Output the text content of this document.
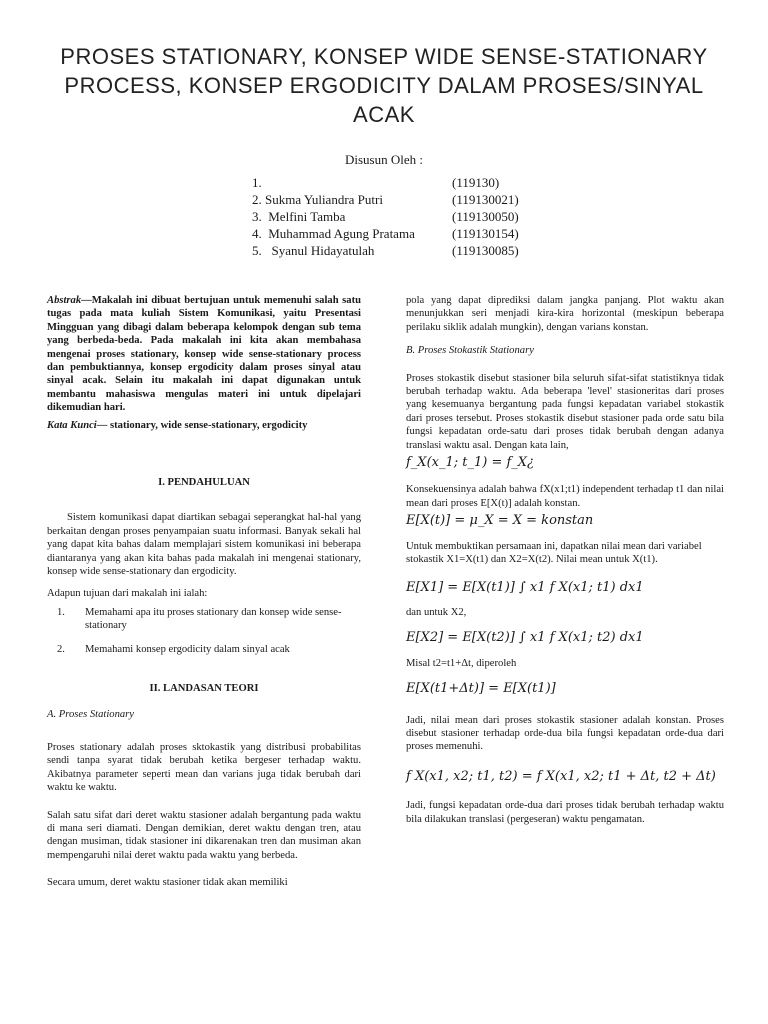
PROSES STATIONARY, KONSEP WIDE SENSE-STATIONARY PROCESS, KONSEP ERGODICITY DALAM PROSES/SINYAL ACAK
Disusun Oleh :
1.	(119130)
2. Sukma Yuliandra Putri	(119130021)
3. Melfini Tamba	(119130050)
4. Muhammad Agung Pratama	(119130154)
5. Syanul Hidayatulah	(119130085)

Abstrak—Makalah ini dibuat bertujuan untuk memenuhi salah satu tugas pada mata kuliah Sistem Komunikasi, yaitu Presentasi Mingguan yang dibagi dalam beberapa kelompok dengan sub tema yang berbeda-beda. Pada makalah ini kita akan membahasa mengenai proses stationary, konsep wide sense-stationary process dan pembuktiannya, konsep ergodicity dalam proses sinyal atau sinyal acak. Selain itu makalah ini dapat digunakan untuk membantu mahasiswa mengulas materi ini untuk dipelajari dikemudian hari.

Kata Kunci— stationary, wide sense-stationary, ergodicity

I. PENDAHULUAN

Sistem komunikasi dapat diartikan sebagai seperangkat hal-hal yang berkaitan dengan proses penyampaian suatu informasi. Banyak sekali hal yang dapat kita bahas dalam memplajari sistem komunikasi ini beberapa diantaranya yang akan kita bahas pada makalah ini mengenai stationary, konsep wide sense-stationary dan ergodicity.

Adapun tujuan dari makalah ini ialah:

1.	Memahami apa itu proses stationary dan konsep wide sense-stationary
2.	Memahami konsep ergodicity dalam sinyal acak

II. LANDASAN TEORI

A. Proses Stationary

Proses stationary adalah proses sktokastik yang distribusi probabilitas sendi tanpa syarat tidak berubah ketika bergeser terhadap waktu. Akibatnya parameter seperti mean dan varians juga tidak berubah dari waktu ke waktu.

Salah satu sifat dari deret waktu stasioner adalah bergantung pada waktu di mana seri diamati. Dengan demikian, deret waktu dengan tren, atau dengan musiman, tidak stasioner ini dikarenakan tren dan musiman akan mempengaruhi nilai deret waktu pada waktu yang berbeda.

Secara umum, deret waktu stasioner tidak akan memiliki

pola yang dapat diprediksi dalam jangka panjang. Plot waktu akan menunjukkan seri menjadi kira-kira horizontal (meskipun beberapa perilaku siklik adalah mungkin), dengan varians konstan.

B. Proses Stokastik Stationary

Proses stokastik disebut stasioner bila seluruh sifat-sifat statistiknya tidak berubah terhadap waktu. Ada beberapa 'level' stasioneritas dari proses yang kesemuanya bergantung pada fungsi kepadatan variabel stokastik dari proses tersebut. Proses stokastik disebut stasioner pada orde satu bila fungsi kepadatan orde-satu dari proses tidak berubah dengan adanya translasi waktu asal. Dengan kata lain,

f_X(x_1; t_1) = f_X¿

Konsekuensinya adalah bahwa fX(x1;t1) independent terhadap t1 dan nilai mean dari proses E[X(t)] adalah konstan.

E[X(t)] = μ_X = X = konstan

Untuk membuktikan persamaan ini, dapatkan nilai mean dari variabel stokastik X1=X(t1) dan X2=X(t2). Nilai mean untuk X(t1).

E[X1] = E[X(t1)] ∫ x1 f X(x1; t1) dx1

dan untuk X2,

E[X2] = E[X(t2)] ∫ x1 f X(x1; t2) dx1

Misal t2=t1+Δt, diperoleh

E[X(t1+Δt)] = E[X(t1)]

Jadi, nilai mean dari proses stokastik stasioner adalah konstan. Proses disebut stasioner terhadap orde-dua bila fungsi kepadatan orde-dua dari proses memenuhi.

f X(x1, x2; t1, t2) = f X(x1, x2; t1 + Δt, t2 + Δt)

Jadi, fungsi kepadatan orde-dua dari proses tidak berubah terhadap waktu bila dilakukan translasi (pergeseran) waktu pengamatan.
